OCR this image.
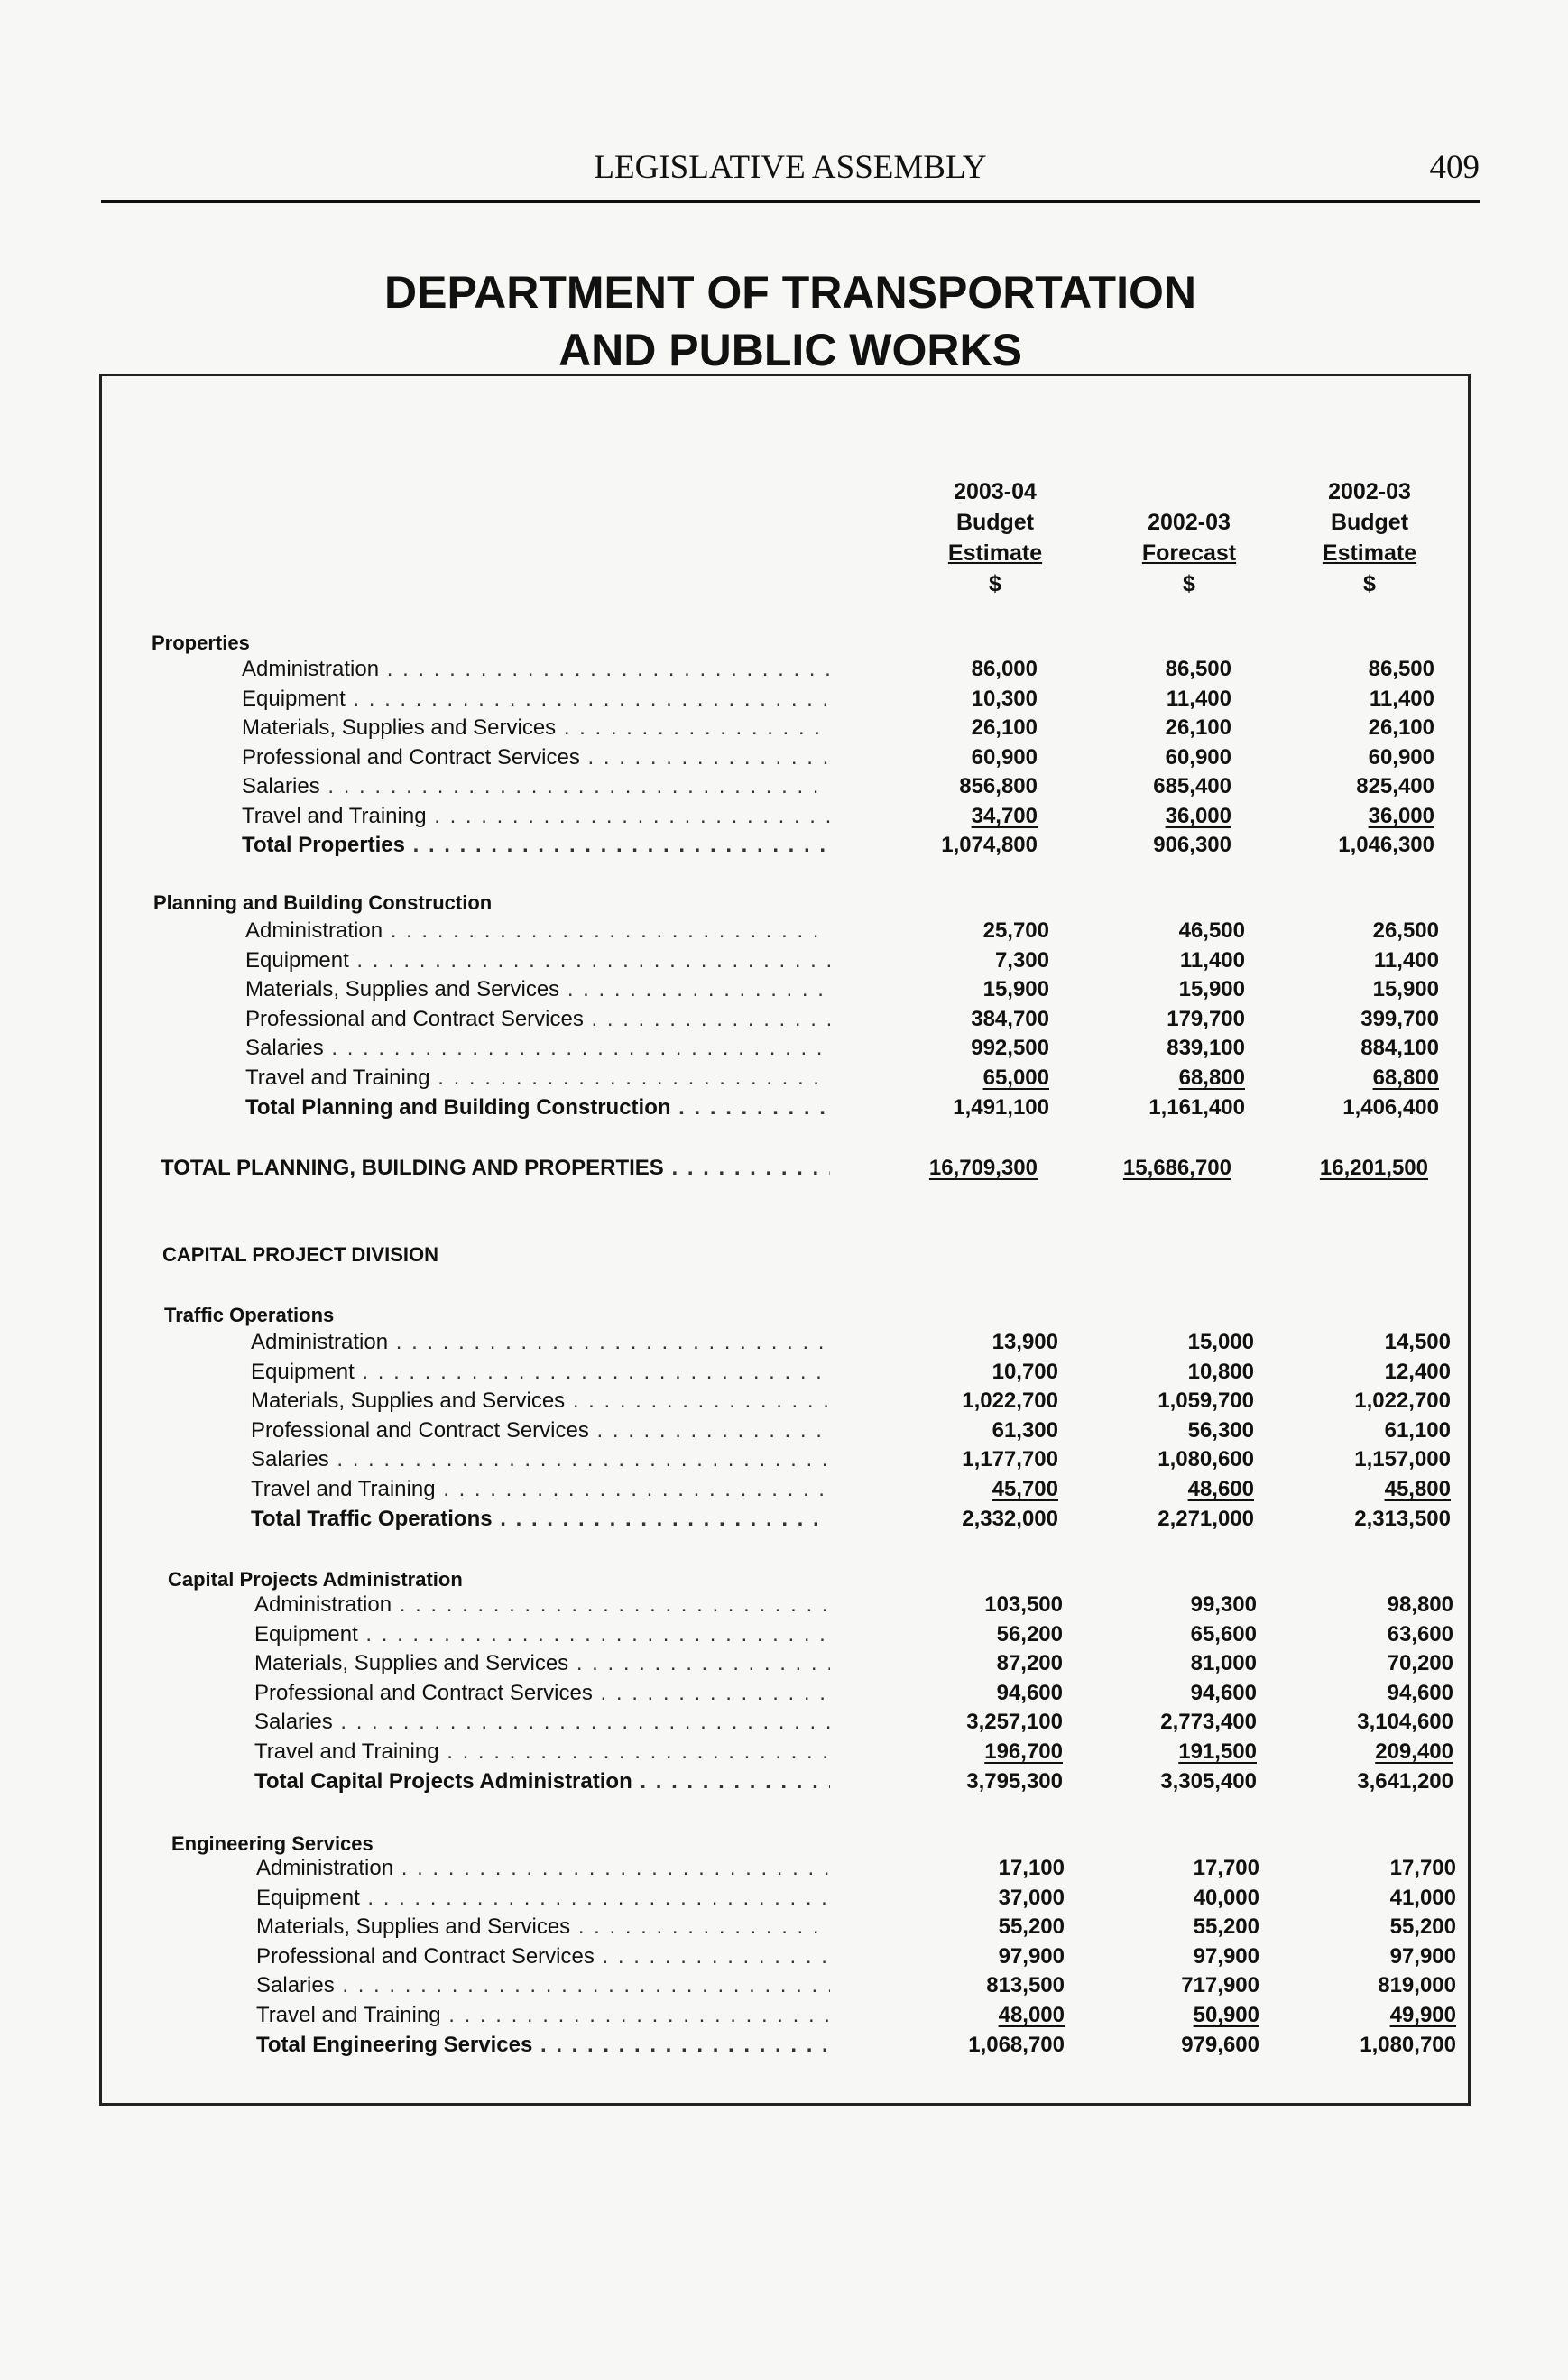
LEGISLATIVE ASSEMBLY	409
DEPARTMENT OF TRANSPORTATION
AND PUBLIC WORKS
2003-04
Budget
Estimate
$
2002-03
Forecast
$
2002-03
Budget
Estimate
$
Properties
Administration . . .	86,000	86,500	86,500
Equipment . . .	10,300	11,400	11,400
Materials, Supplies and Services . . .	26,100	26,100	26,100
Professional and Contract Services . . .	60,900	60,900	60,900
Salaries . . .	856,800	685,400	825,400
Travel and Training . . .	34,700	36,000	36,000
Total Properties . . .	1,074,800	906,300	1,046,300
Planning and Building Construction
Administration . . .	25,700	46,500	26,500
Equipment . . .	7,300	11,400	11,400
Materials, Supplies and Services . . .	15,900	15,900	15,900
Professional and Contract Services . . .	384,700	179,700	399,700
Salaries . . .	992,500	839,100	884,100
Travel and Training . . .	65,000	68,800	68,800
Total Planning and Building Construction . . .	1,491,100	1,161,400	1,406,400
TOTAL PLANNING, BUILDING AND PROPERTIES . . .	16,709,300	15,686,700	16,201,500
CAPITAL PROJECT DIVISION
Traffic Operations
Administration . . .	13,900	15,000	14,500
Equipment . . .	10,700	10,800	12,400
Materials, Supplies and Services . . .	1,022,700	1,059,700	1,022,700
Professional and Contract Services . . .	61,300	56,300	61,100
Salaries . . .	1,177,700	1,080,600	1,157,000
Travel and Training . . .	45,700	48,600	45,800
Total Traffic Operations . . .	2,332,000	2,271,000	2,313,500
Capital Projects Administration
Administration . . .	103,500	99,300	98,800
Equipment . . .	56,200	65,600	63,600
Materials, Supplies and Services . . .	87,200	81,000	70,200
Professional and Contract Services . . .	94,600	94,600	94,600
Salaries . . .	3,257,100	2,773,400	3,104,600
Travel and Training . . .	196,700	191,500	209,400
Total Capital Projects Administration . . .	3,795,300	3,305,400	3,641,200
Engineering Services
Administration . . .	17,100	17,700	17,700
Equipment . . .	37,000	40,000	41,000
Materials, Supplies and Services . . .	55,200	55,200	55,200
Professional and Contract Services . . .	97,900	97,900	97,900
Salaries . . .	813,500	717,900	819,000
Travel and Training . . .	48,000	50,900	49,900
Total Engineering Services . . .	1,068,700	979,600	1,080,700
